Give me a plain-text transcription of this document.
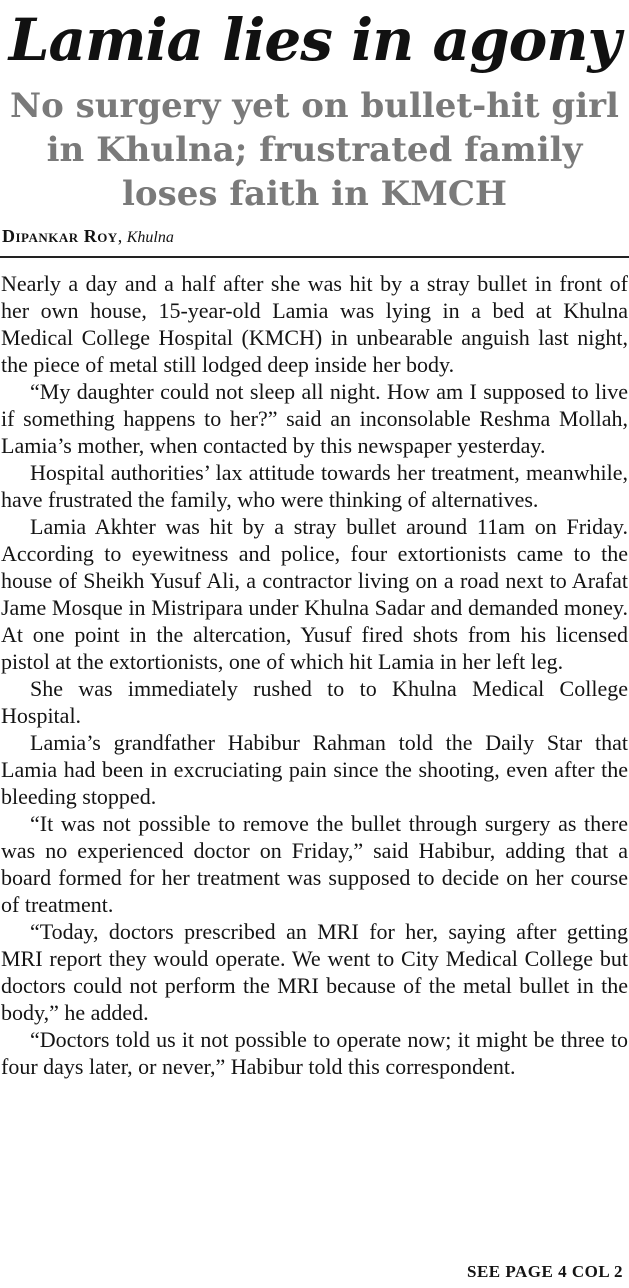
Lamia lies in agony
No surgery yet on bullet-hit girl in Khulna; frustrated family loses faith in KMCH
Dipankar Roy, Khulna

Nearly a day and a half after she was hit by a stray bullet in front of her own house, 15-year-old Lamia was lying in a bed at Khulna Medical College Hospital (KMCH) in unbearable anguish last night, the piece of metal still lodged deep inside her body.

“My daughter could not sleep all night. How am I supposed to live if something happens to her?” said an inconsolable Reshma Mollah, Lamia’s mother, when contacted by this newspaper yesterday.

Hospital authorities’ lax attitude towards her treatment, meanwhile, have frustrated the family, who were thinking of alternatives.

Lamia Akhter was hit by a stray bullet around 11am on Friday. According to eyewitness and police, four extortionists came to the house of Sheikh Yusuf Ali, a contractor living on a road next to Arafat Jame Mosque in Mistripara under Khulna Sadar and demanded money. At one point in the altercation, Yusuf fired shots from his licensed pistol at the extortionists, one of which hit Lamia in her left leg.

She was immediately rushed to to Khulna Medical College Hospital.

Lamia’s grandfather Habibur Rahman told the Daily Star that Lamia had been in excruciating pain since the shooting, even after the bleeding stopped.

“It was not possible to remove the bullet through surgery as there was no experienced doctor on Friday,” said Habibur, adding that a board formed for her treatment was supposed to decide on her course of treatment.

“Today, doctors prescribed an MRI for her, saying after getting MRI report they would operate. We went to City Medical College but doctors could not perform the MRI because of the metal bullet in the body,” he added.

“Doctors told us it not possible to operate now; it might be three to four days later, or never,” Habibur told this correspondent.

SEE PAGE 4 COL 2
